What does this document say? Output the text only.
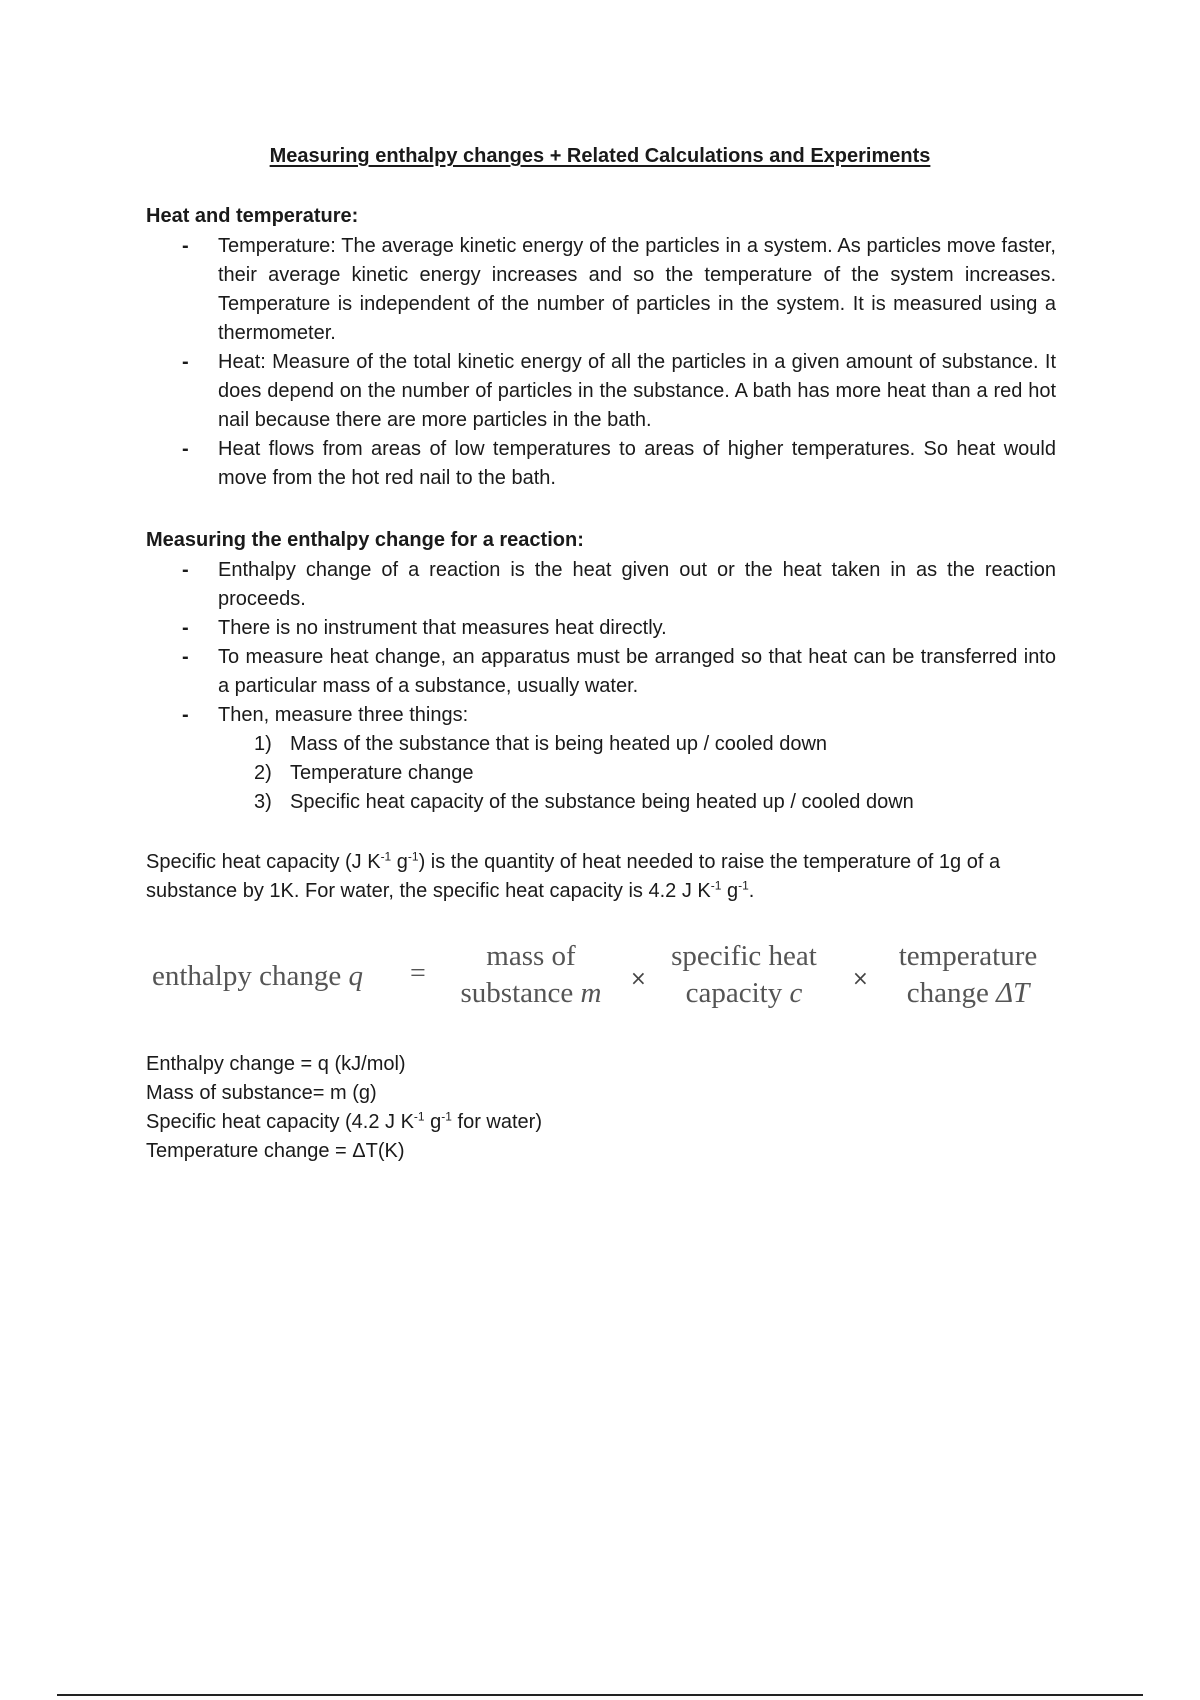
Measuring enthalpy changes + Related Calculations and Experiments
Heat and temperature:
- Temperature: The average kinetic energy of the particles in a system. As particles move faster, their average kinetic energy increases and so the temperature of the system increases. Temperature is independent of the number of particles in the system. It is measured using a thermometer.
- Heat: Measure of the total kinetic energy of all the particles in a given amount of substance. It does depend on the number of particles in the substance. A bath has more heat than a red hot nail because there are more particles in the bath.
- Heat flows from areas of low temperatures to areas of higher temperatures. So heat would move from the hot red nail to the bath.
Measuring the enthalpy change for a reaction:
- Enthalpy change of a reaction is the heat given out or the heat taken in as the reaction proceeds.
- There is no instrument that measures heat directly.
- To measure heat change, an apparatus must be arranged so that heat can be transferred into a particular mass of a substance, usually water.
- Then, measure three things:
1) Mass of the substance that is being heated up / cooled down
2) Temperature change
3) Specific heat capacity of the substance being heated up / cooled down
Specific heat capacity (J $K^{-1}$ $g^{-1}$) is the quantity of heat needed to raise the temperature of 1g of a substance by 1K. For water, the specific heat capacity is 4.2 J $K^{-1}$ $g^{-1}$.
enthalpy change q =
mass of
substance m	×
specific heat
capacity c	×
temperature
change ΔT
Enthalpy change = q (kJ/mol)
Mass of substance= m (g)
Specific heat capacity (4.2 J $K^{-1}$ $g^{-1}$ for water)
Temperature change = ΔT(K)
